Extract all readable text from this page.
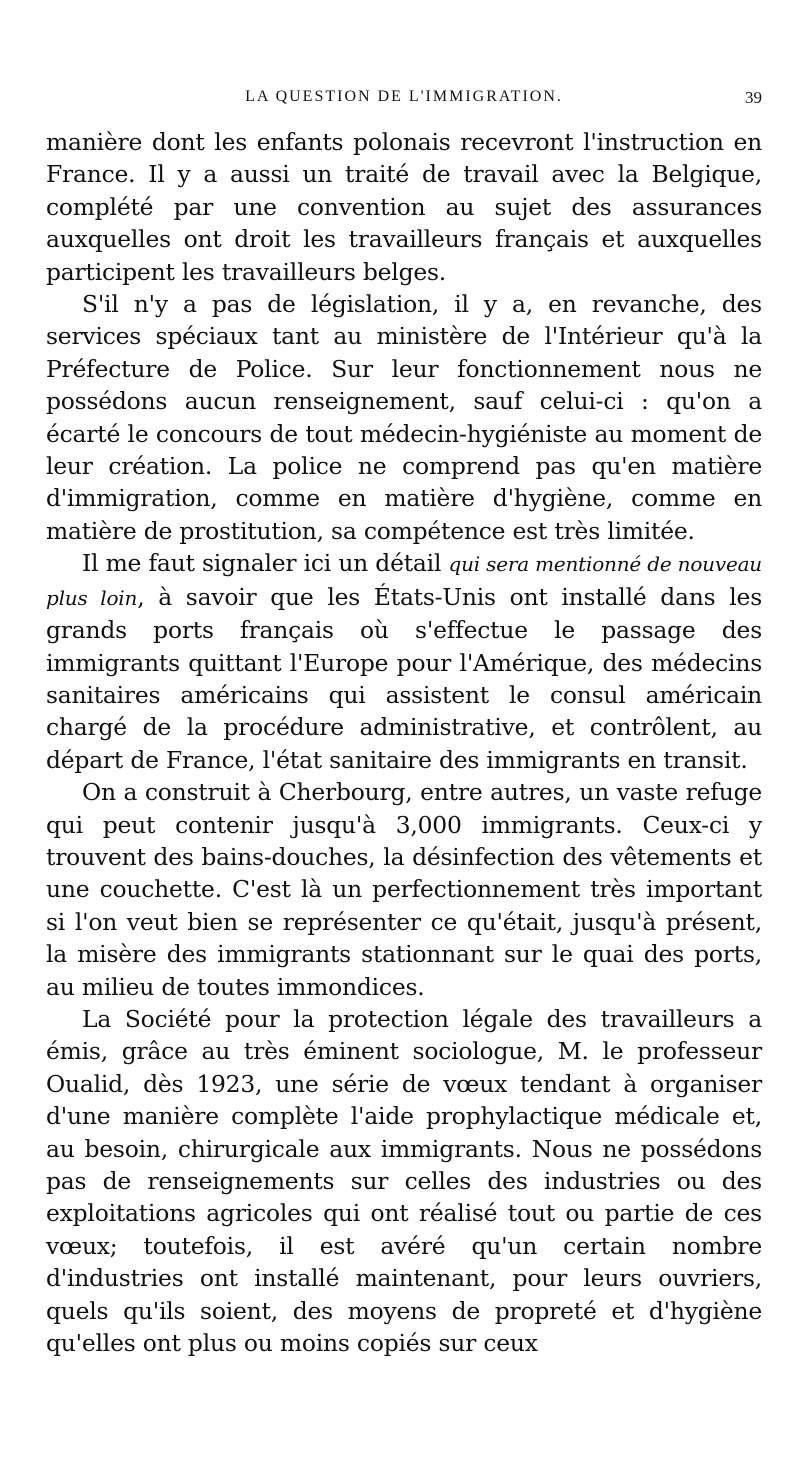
LA QUESTION DE L'IMMIGRATION.	39

manière dont les enfants polonais recevront l'instruction en France. Il y a aussi un traité de travail avec la Belgique, complété par une convention au sujet des assurances auxquelles ont droit les travailleurs français et auxquelles participent les travailleurs belges.

S'il n'y a pas de législation, il y a, en revanche, des services spéciaux tant au ministère de l'Intérieur qu'à la Préfecture de Police. Sur leur fonctionnement nous ne possédons aucun renseignement, sauf celui-ci : qu'on a écarté le concours de tout médecin-hygiéniste au moment de leur création. La police ne comprend pas qu'en matière d'immigration, comme en matière d'hygiène, comme en matière de prostitution, sa compétence est très limitée.

Il me faut signaler ici un détail qui sera mentionné de nouveau plus loin, à savoir que les États-Unis ont installé dans les grands ports français où s'effectue le passage des immigrants quittant l'Europe pour l'Amérique, des médecins sanitaires américains qui assistent le consul américain chargé de la procédure administrative, et contrôlent, au départ de France, l'état sanitaire des immigrants en transit.

On a construit à Cherbourg, entre autres, un vaste refuge qui peut contenir jusqu'à 3,000 immigrants. Ceux-ci y trouvent des bains-douches, la désinfection des vêtements et une couchette. C'est là un perfectionnement très important si l'on veut bien se représenter ce qu'était, jusqu'à présent, la misère des immigrants stationnant sur le quai des ports, au milieu de toutes immondices.

La Société pour la protection légale des travailleurs a émis, grâce au très éminent sociologue, M. le professeur Oualid, dès 1923, une série de vœux tendant à organiser d'une manière complète l'aide prophylactique médicale et, au besoin, chirurgicale aux immigrants. Nous ne possédons pas de renseignements sur celles des industries ou des exploitations agricoles qui ont réalisé tout ou partie de ces vœux; toutefois, il est avéré qu'un certain nombre d'industries ont installé maintenant, pour leurs ouvriers, quels qu'ils soient, des moyens de propreté et d'hygiène qu'elles ont plus ou moins copiés sur ceux
